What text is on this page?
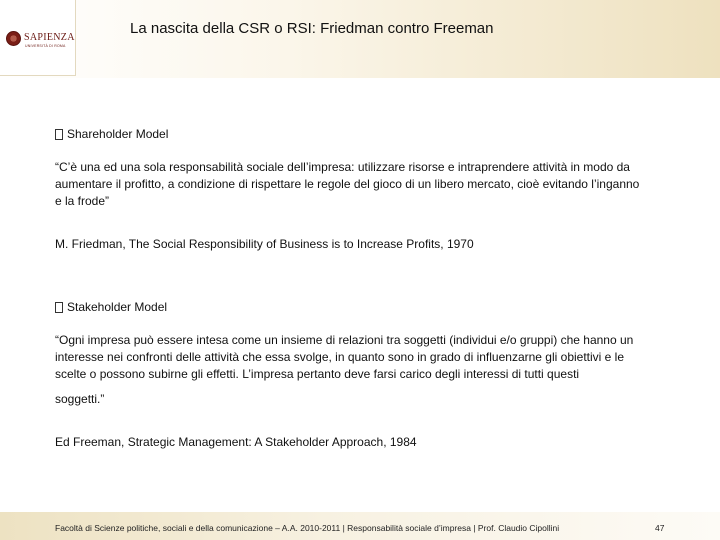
SAPIENZA
UNIVERSITÀ DI ROMA
La nascita della CSR o RSI: Friedman contro Freeman

Shareholder Model

“C’è una ed una sola responsabilità sociale dell’impresa: utilizzare risorse e intraprendere attività in modo da aumentare il profitto, a condizione di rispettare le regole del gioco di un libero mercato, cioè evitando l’inganno e la frode”

M. Friedman, The Social Responsibility of Business is to Increase Profits, 1970

Stakeholder Model

“Ogni impresa può essere intesa come un insieme di relazioni tra soggetti (individui e/o gruppi) che hanno un interesse nei confronti delle attività che essa svolge, in quanto sono in grado di influenzarne gli obiettivi e le scelte o possono subirne gli effetti. L’impresa pertanto deve farsi carico degli interessi di tutti questi

soggetti.”

Ed Freeman, Strategic Management: A Stakeholder Approach, 1984

Facoltà di Scienze politiche, sociali e della comunicazione – A.A. 2010-2011 | Responsabilità sociale d’impresa | Prof. Claudio Cipollini	47
